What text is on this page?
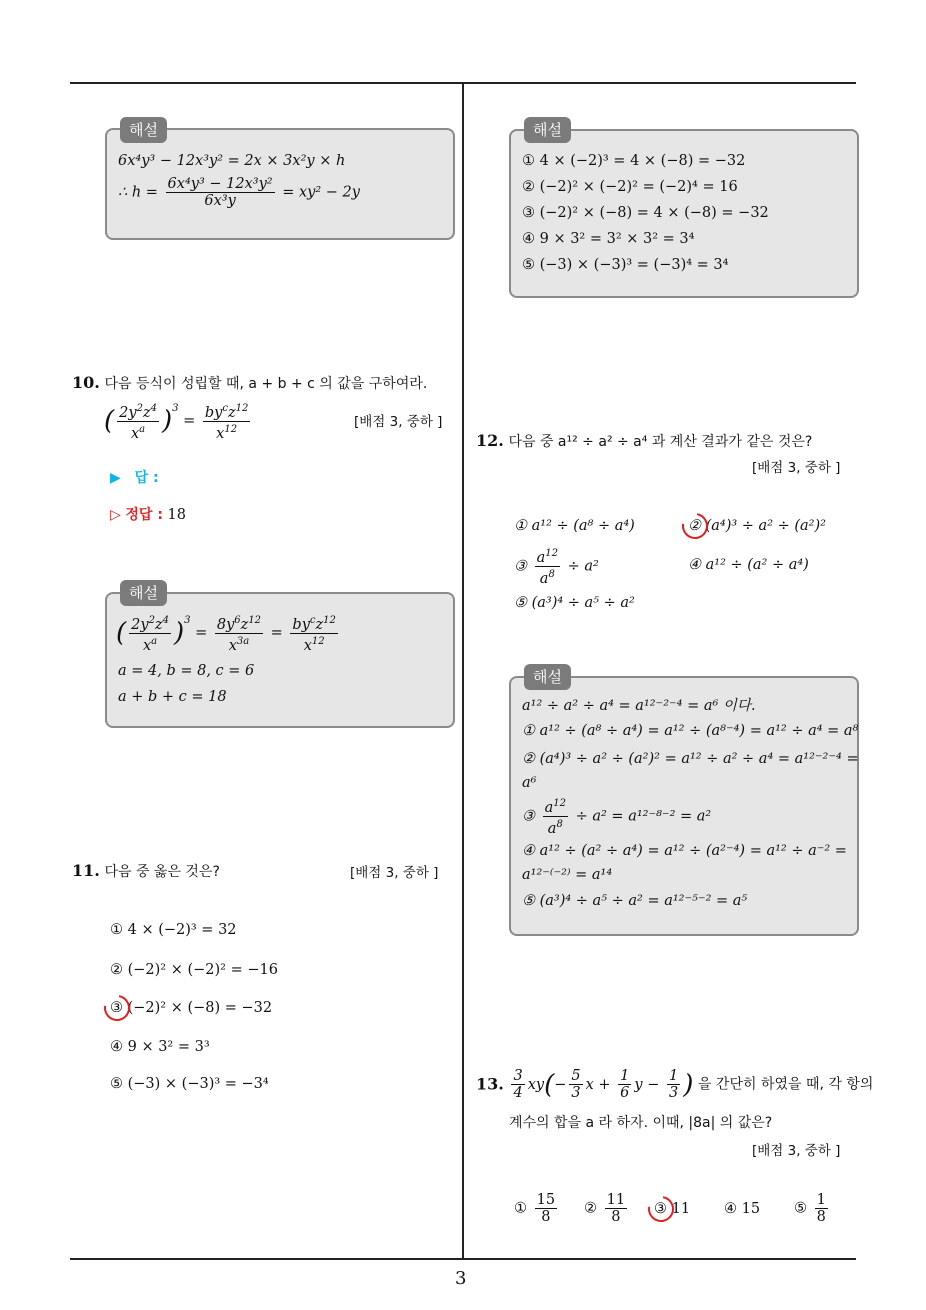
3
해설
6x⁴y³ − 12x³y² = 2x × 3x²y × h
∴ $h = \frac{\text{6x⁴y³ − 12x³y²}}{\text{6x³y}} = xy^2 - 2y$
10. 다음 등식이 성립할 때, a + b + c 의 값을 구하여라.
( $\frac{2y^2z^4}{x^a} )^3 = \frac{by^cz^{12}}{x^{12}}$	[배점 3, 중하 ]
▶ 답 :
▷ 정답 : 18
해설
( $\frac{2y^2z^4}{x^a} )^3 = \frac{8y^6z^{12}}{x^{3a}} = \frac{by^cz^{12}}{x^{12}}$
a = 4, b = 8, c = 6
a + b + c = 18
11. 다음 중 옳은 것은?	[배점 3, 중하 ]
① 4 × (−2)³ = 32
② (−2)² × (−2)² = −16
③ (−2)² × (−8) = −32
④ 9 × 3² = 3³
⑤ (−3) × (−3)³ = −3⁴
해설
① 4 × (−2)³ = 4 × (−8) = −32
② (−2)² × (−2)² = (−2)⁴ = 16
③ (−2)² × (−8) = 4 × (−8) = −32
④ 9 × 3² = 3² × 3² = 3⁴
⑤ (−3) × (−3)³ = (−3)⁴ = 3⁴
12. 다음 중 a¹² ÷ a² ÷ a⁴ 과 계산 결과가 같은 것은?
[배점 3, 중하 ]
① a¹² ÷ (a⁸ ÷ a⁴)	② (a⁴)³ ÷ a² ÷ (a²)²
③ $\frac{a^{12}}{a^8} \div a^2$	④ a¹² ÷ (a² ÷ a⁴)
⑤ (a³)⁴ ÷ a⁵ ÷ a²
해설
a¹² ÷ a² ÷ a⁴ = a¹²⁻²⁻⁴ = a⁶ 이다.
① a¹² ÷ (a⁸ ÷ a⁴) = a¹² ÷ (a⁸⁻⁴) = a¹² ÷ a⁴ = a⁸
② (a⁴)³ ÷ a² ÷ (a²)² = a¹² ÷ a² ÷ a⁴ = a¹²⁻²⁻⁴ =
a⁶
③ $\frac{a^{12}}{a^8} \div a^2 = a^{12-8-2} = a^2$
④ a¹² ÷ (a² ÷ a⁴) = a¹² ÷ (a²⁻⁴) = a¹² ÷ a⁻² =
a¹²⁻⁽⁻²⁾ = a¹⁴
⑤ (a³)⁴ ÷ a⁵ ÷ a² = a¹²⁻⁵⁻² = a⁵
13. $\frac{3}{4} xy(- \frac{5}{3}$ $x + \frac{1}{6}$ $y - \frac{1}{3}$ ) 을 간단히 하였을 때, 각 항의
계수의 합을 a 라 하자. 이때, |8a| 의 값은?
[배점 3, 중하 ]
① $\frac{15}{8}$ ② $\frac{11}{8}$ ③ 11 ④ 15 ⑤ $\frac{1}{8}$
